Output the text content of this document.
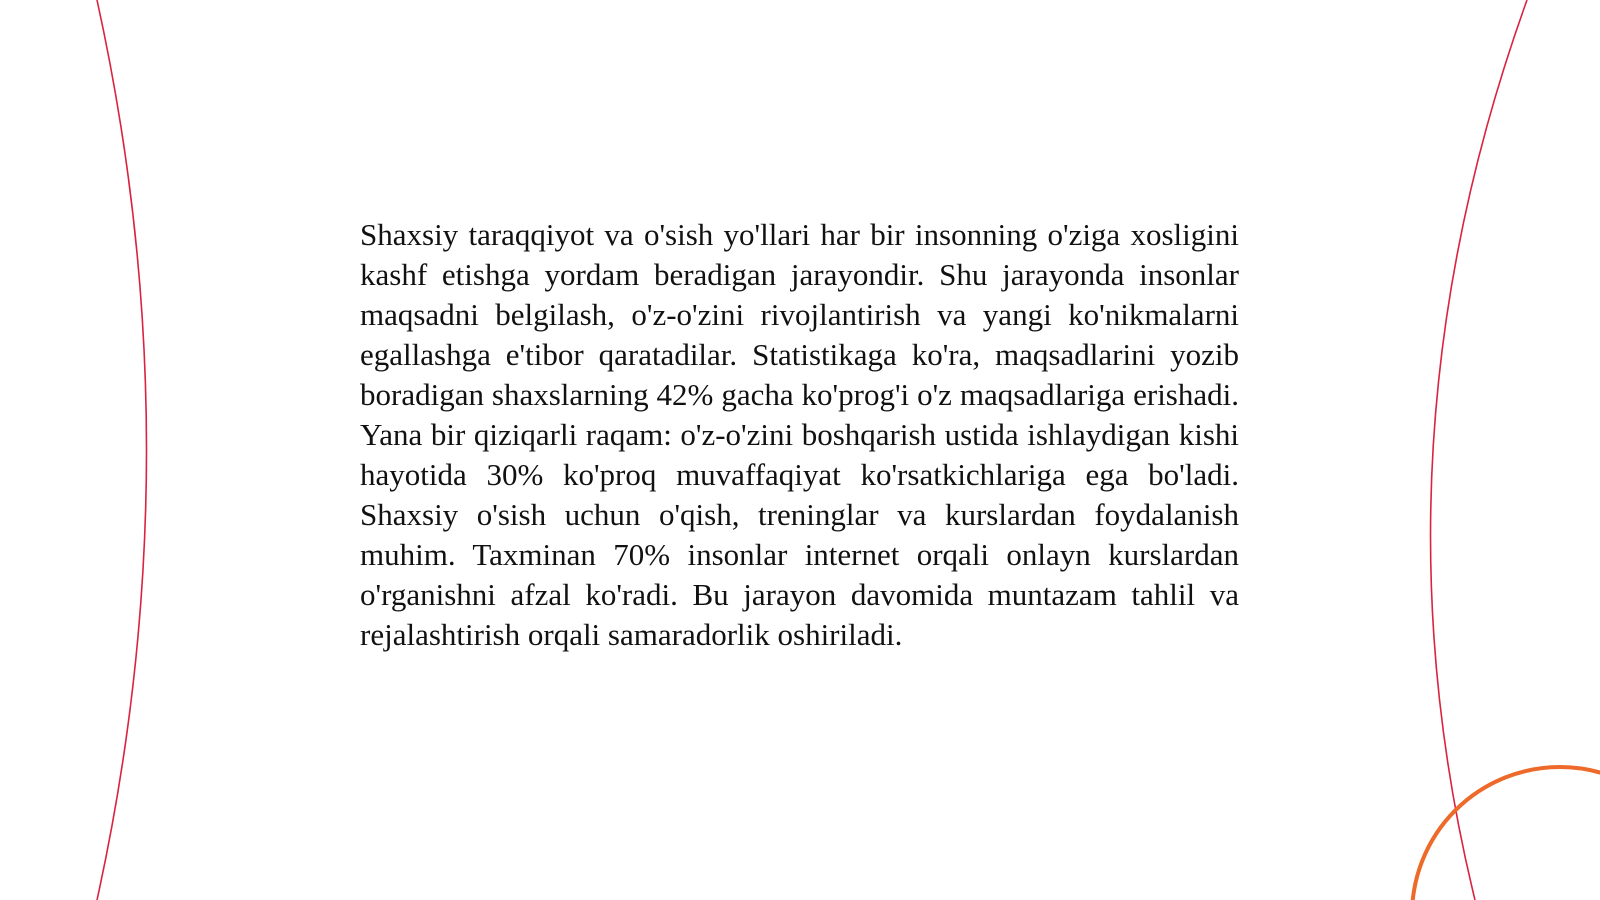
Shaxsiy taraqqiyot va o'sish yo'llari har bir insonning o'ziga xosligini kashf etishga yordam beradigan jarayondir. Shu jarayonda insonlar maqsadni belgilash, o'z-o'zini rivojlantirish va yangi ko'nikmalarni egallashga e'tibor qaratadilar. Statistikaga ko'ra, maqsadlarini yozib boradigan shaxslarning 42% gacha ko'prog'i o'z maqsadlariga erishadi. Yana bir qiziqarli raqam: o'z-o'zini boshqarish ustida ishlaydigan kishi hayotida 30% ko'proq muvaffaqiyat ko'rsatkichlariga ega bo'ladi. Shaxsiy o'sish uchun o'qish, treninglar va kurslardan foydalanish muhim. Taxminan 70% insonlar internet orqali onlayn kurslardan o'rganishni afzal ko'radi. Bu jarayon davomida muntazam tahlil va rejalashtirish orqali samaradorlik oshiriladi.
